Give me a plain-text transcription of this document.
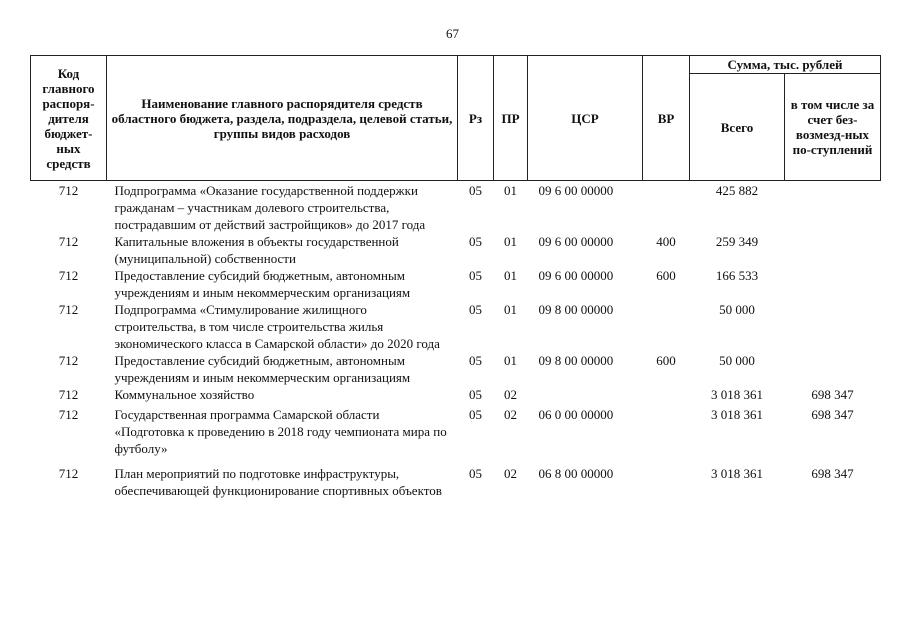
67
Код главного распоря-дителя бюджет-ных средств	Наименование главного распорядителя средств областного бюджета, раздела, подраздела, целевой статьи, группы видов расходов	Рз	ПР	ЦСР	ВР	Сумма, тыс. рублей	
						Всего	в том числе за счет без-возмезд-ных по-ступлений
712	Подпрограмма «Оказание государственной поддержки гражданам – участникам долевого строительства, пострадавшим от действий застройщиков» до 2017 года	05	01	09 6 00 00000		425 882	
712	Капитальные вложения в объекты государственной (муниципальной) собственности	05	01	09 6 00 00000	400	259 349	
712	Предоставление субсидий бюджетным, автономным учреждениям и иным некоммерческим организациям	05	01	09 6 00 00000	600	166 533	
712	Подпрограмма «Стимулирование жилищного строительства, в том числе строительства жилья экономического класса в Самарской области» до 2020 года	05	01	09 8 00 00000		50 000	
712	Предоставление субсидий бюджетным, автономным учреждениям и иным некоммерческим организациям	05	01	09 8 00 00000	600	50 000	
712	Коммунальное хозяйство	05	02			3 018 361	698 347
712	Государственная программа Самарской области «Подготовка к проведению в 2018 году чемпионата мира по футболу»	05	02	06 0 00 00000		3 018 361	698 347
712	План мероприятий по подготовке инфраструктуры, обеспечивающей функционирование спортивных объектов	05	02	06 8 00 00000		3 018 361	698 347
